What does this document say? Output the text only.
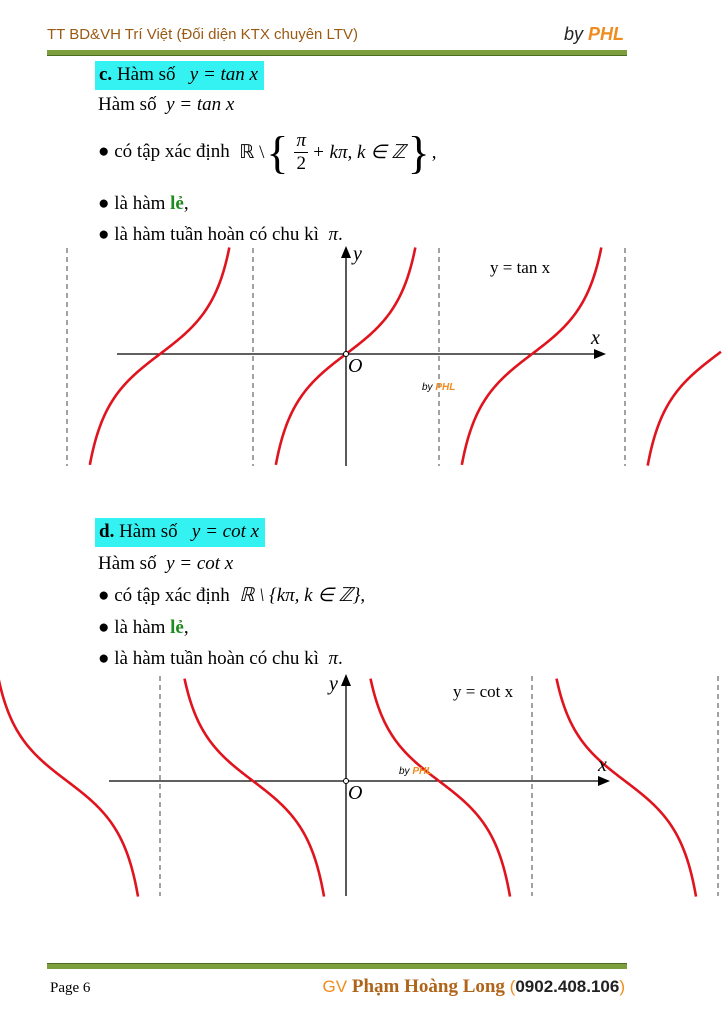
TT BD&VH Trí Việt (Đối diện KTX chuyên LTV)	by PHL
c. Hàm số y = tan x
Hàm số y = tan x
● có tập xác định ℝ \ { $\frac{\pi}{2} + k\pi$, k ∈ ℤ } ,
● là hàm lẻ,
● là hàm tuần hoàn có chu kì π.
x
y
O
y = tan x
by PHL
d. Hàm số y = cot x
Hàm số y = cot x
● có tập xác định ℝ \ {kπ, k ∈ ℤ},
● là hàm lẻ,
● là hàm tuần hoàn có chu kì π.
x
y
O
y = cot x
by PHL
Page 6	GV Phạm Hoàng Long (0902.408.106)
